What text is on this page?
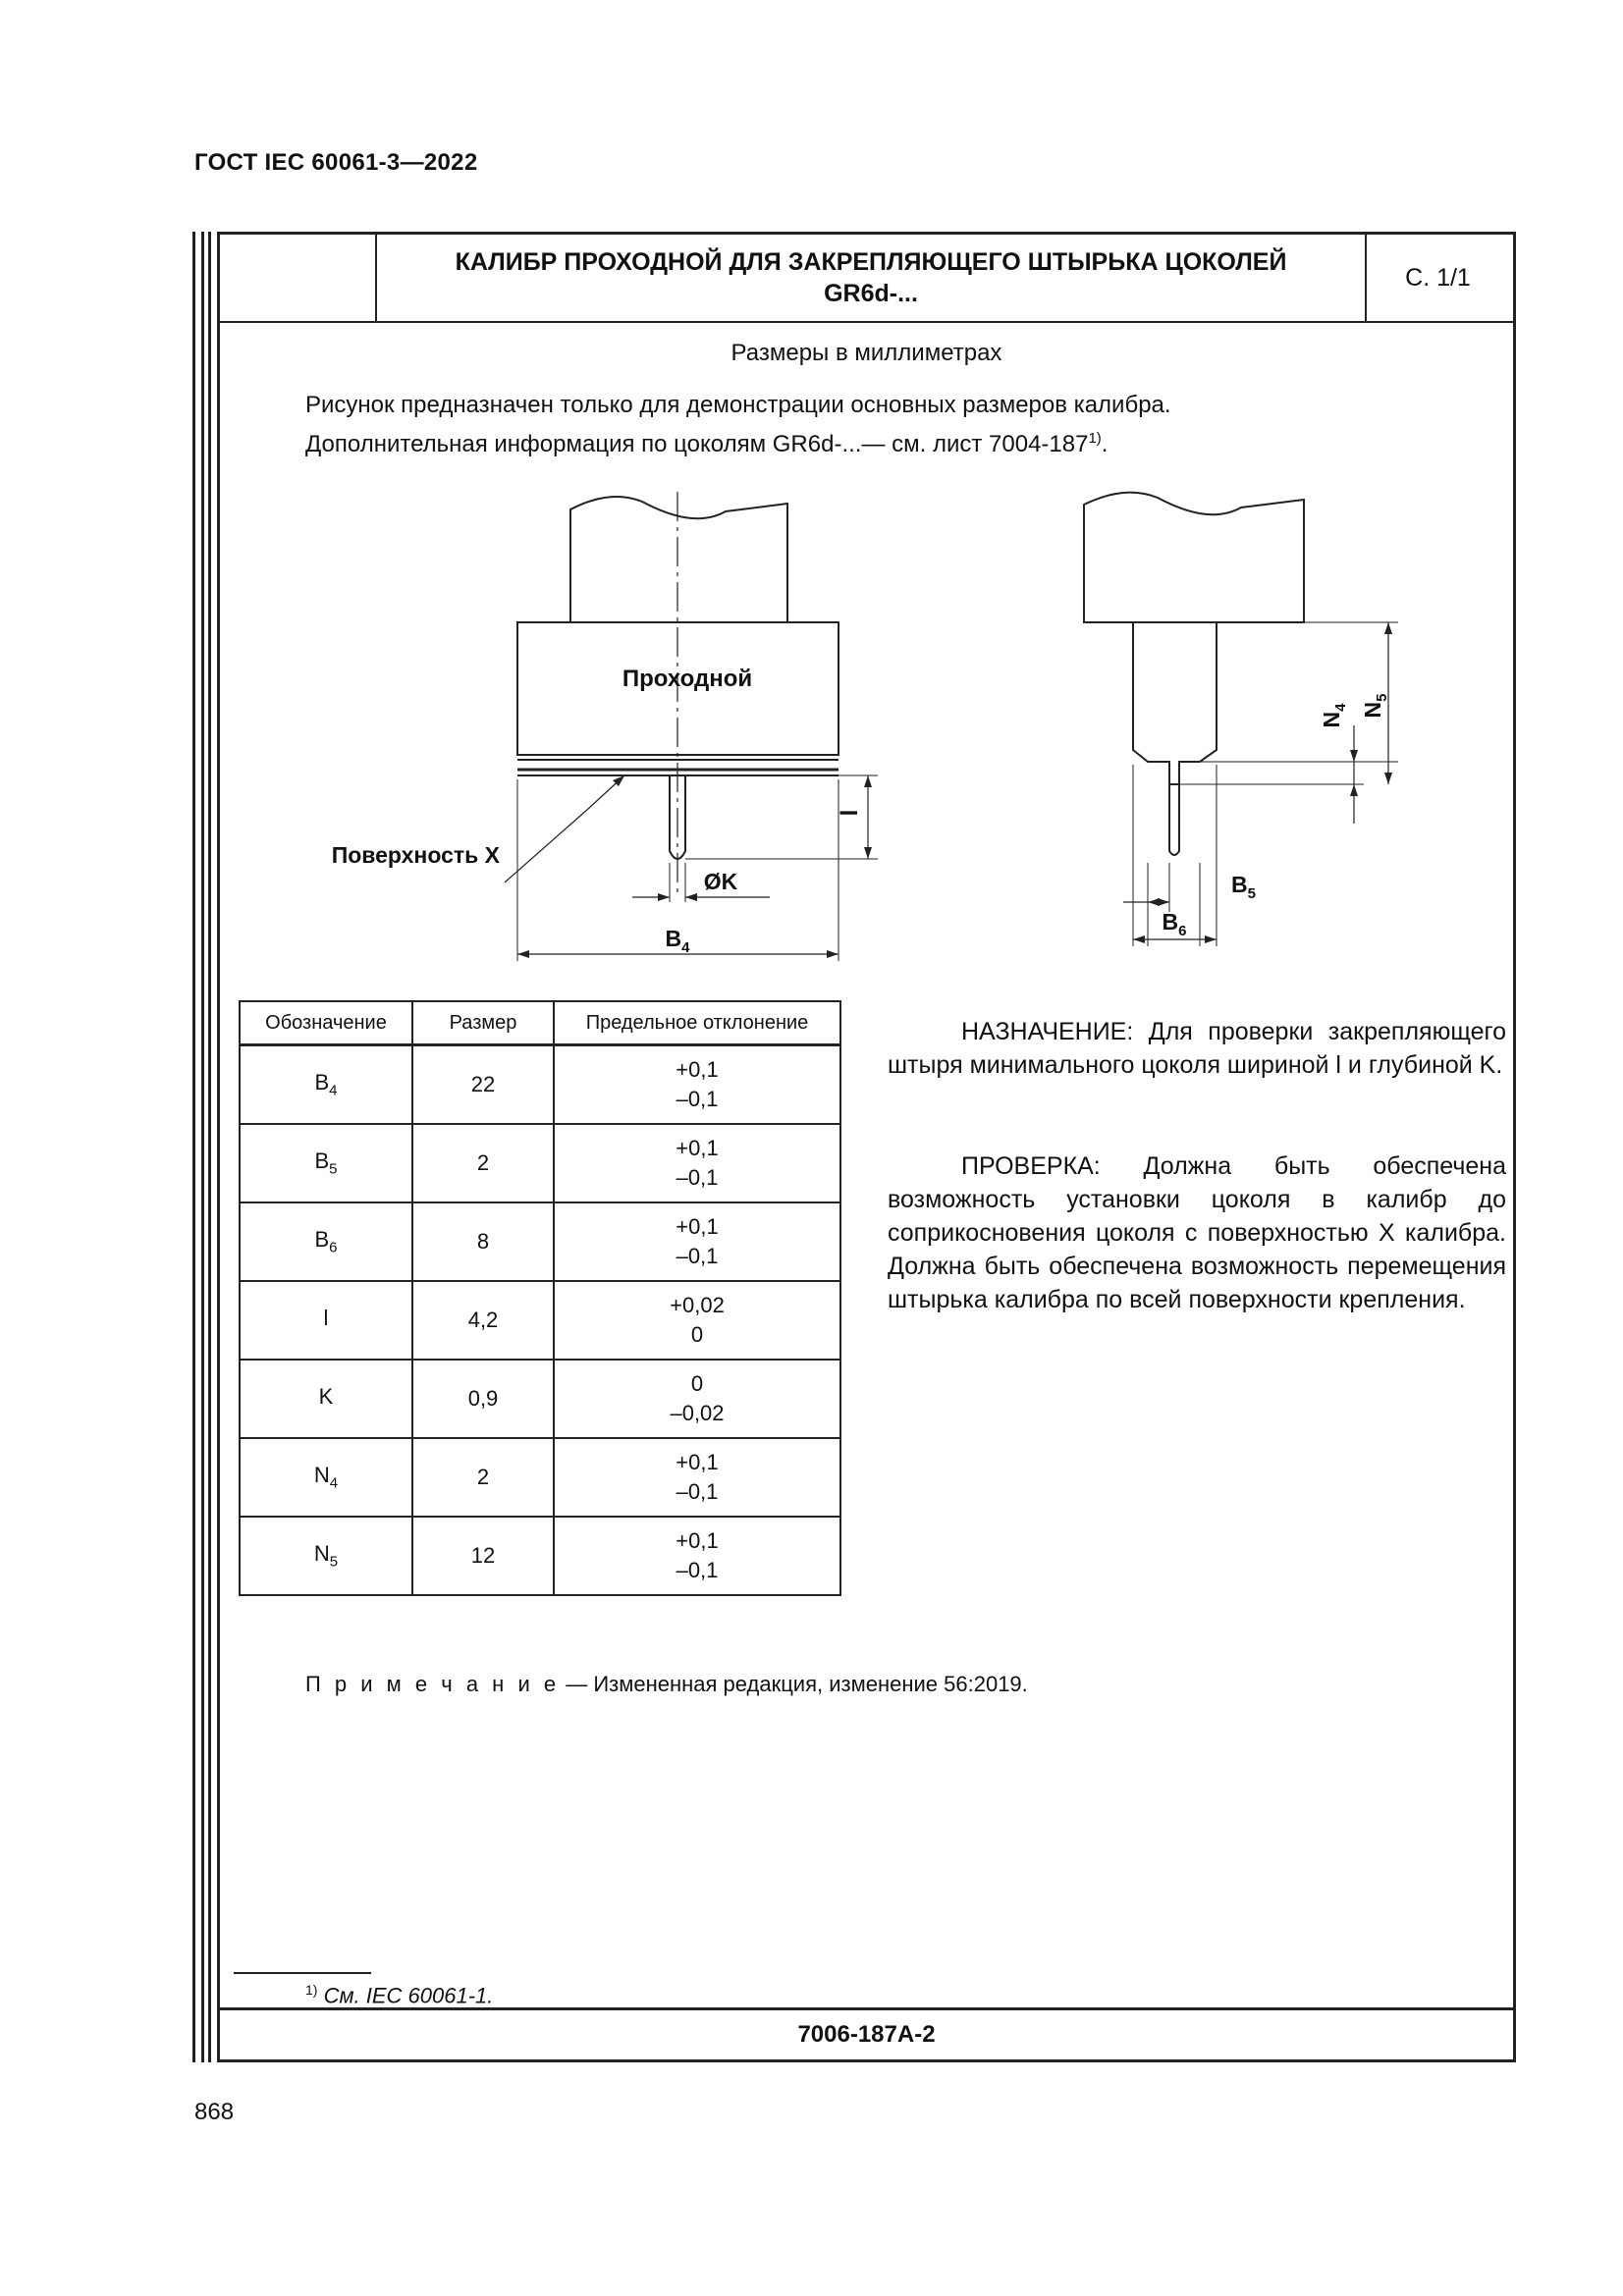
ГОСТ IEC 60061-3—2022
КАЛИБР ПРОХОДНОЙ ДЛЯ ЗАКРЕПЛЯЮЩЕГО ШТЫРЬКА ЦОКОЛЕЙ
GR6d-...
С. 1/1
Размеры в миллиметрах
Рисунок предназначен только для демонстрации основных размеров калибра.
Дополнительная информация по цоколям GR6d-...— см. лист 7004-187$^{1)}$.
Проходной
Поверхность X
ØK
l
$B_4$
$B_5$
$B_6$
$N_4$ $N_5$
Обозначение	Размер	Предельное отклонение
$B_4$	22	+0,1
–0,1

$B_5$	2	+0,1
–0,1

$B_6$	8	+0,1
–0,1

l	4,2	+0,02
0

K	0,9	0
–0,02

$N_4$	2	+0,1
–0,1

$N_5$	12	+0,1
–0,1
НАЗНАЧЕНИЕ: Для проверки закрепляющего штыря минимального цоколя шириной l и глубиной K.
ПРОВЕРКА: Должна быть обеспечена возможность установки цоколя в калибр до соприкосновения цоколя с поверхностью X калибра. Должна быть обеспечена возможность перемещения штырька калибра по всей поверхности крепления.
П р и м е ч а н и е — Измененная редакция, изменение 56:2019.
$^{1)}$ См. IEC 60061-1.
7006-187A-2
868
